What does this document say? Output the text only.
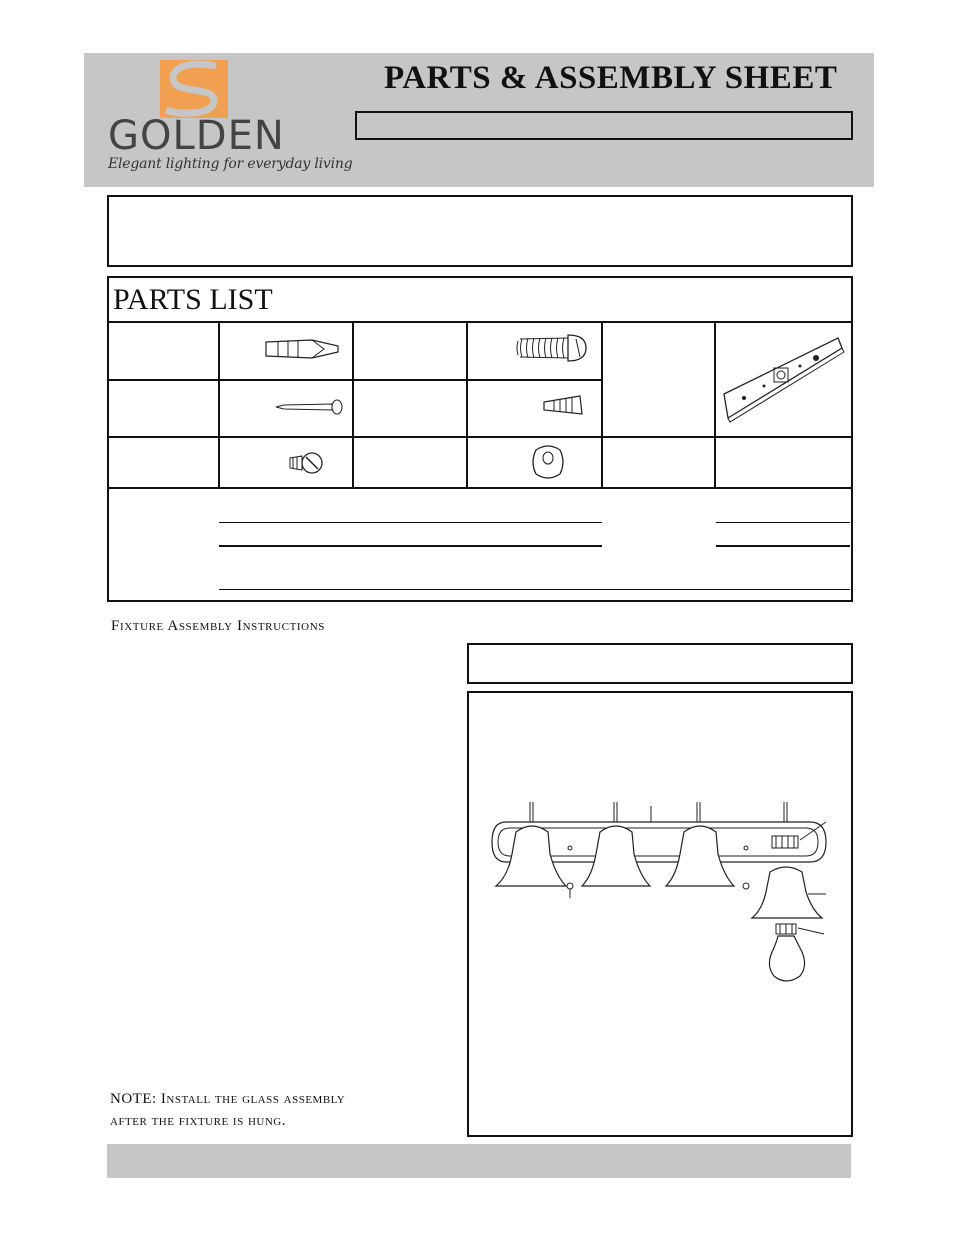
GOLDEN
Elegant lighting for everyday living
PARTS & ASSEMBLY SHEET
PARTS LIST
Fixture Assembly Instructions
NOTE: Install the glass assembly
after the fixture is hung.
